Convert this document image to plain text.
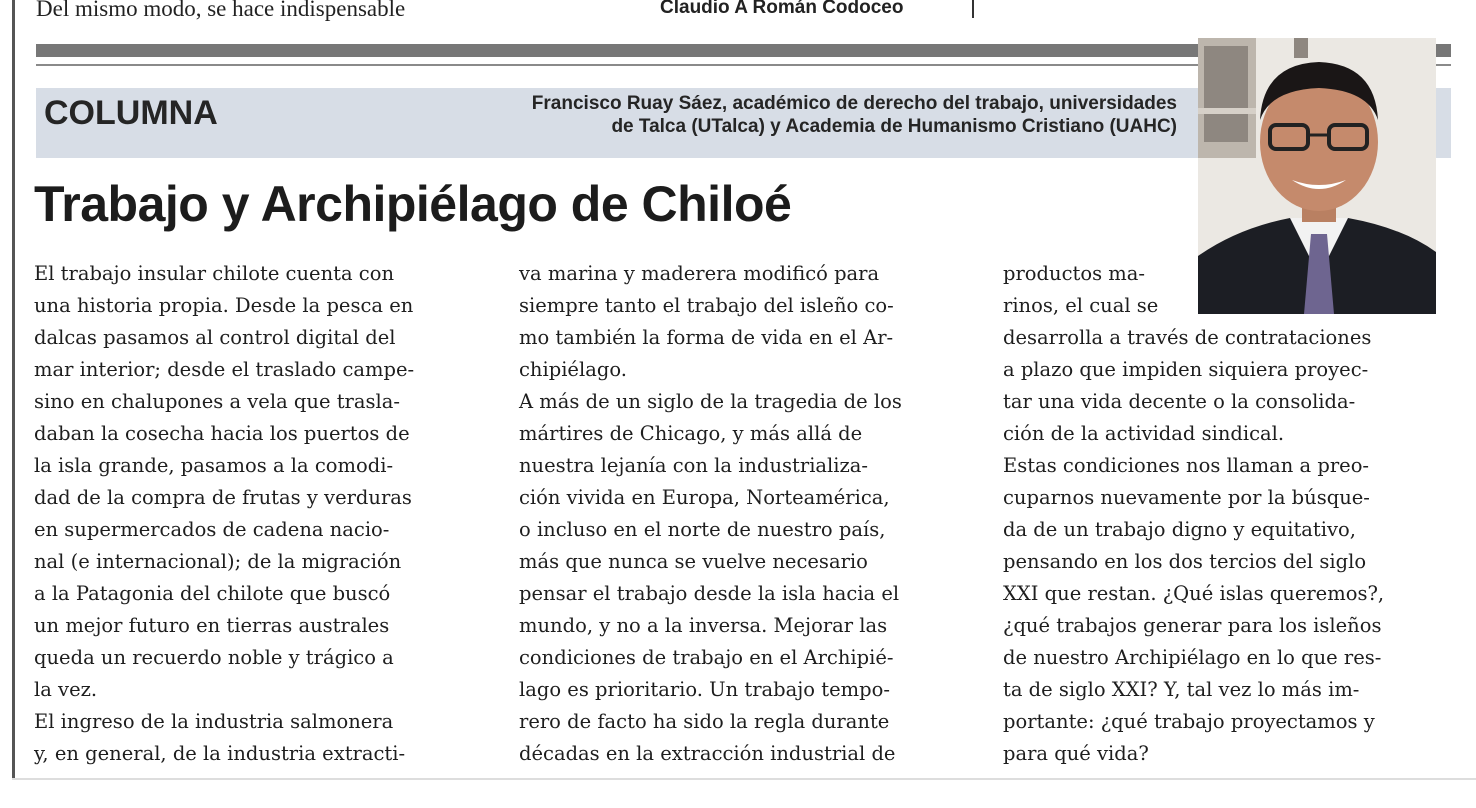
Del mismo modo, se hace indispensable	Claudio A Román Codoceo
COLUMNA	Francisco Ruay Sáez, académico de derecho del trabajo, universidades
de Talca (UTalca) y Academia de Humanismo Cristiano (UAHC)
Trabajo y Archipiélago de Chiloé
El trabajo insular chilote cuenta con
una historia propia. Desde la pesca en
dalcas pasamos al control digital del
mar interior; desde el traslado campe-
sino en chalupones a vela que trasla-
daban la cosecha hacia los puertos de
la isla grande, pasamos a la comodi-
dad de la compra de frutas y verduras
en supermercados de cadena nacio-
nal (e internacional); de la migración
a la Patagonia del chilote que buscó
un mejor futuro en tierras australes
queda un recuerdo noble y trágico a
la vez.
El ingreso de la industria salmonera
y, en general, de la industria extracti-
va marina y maderera modificó para
siempre tanto el trabajo del isleño co-
mo también la forma de vida en el Ar-
chipiélago.
A más de un siglo de la tragedia de los
mártires de Chicago, y más allá de
nuestra lejanía con la industrializa-
ción vivida en Europa, Norteamérica,
o incluso en el norte de nuestro país,
más que nunca se vuelve necesario
pensar el trabajo desde la isla hacia el
mundo, y no a la inversa. Mejorar las
condiciones de trabajo en el Archipié-
lago es prioritario. Un trabajo tempo-
rero de facto ha sido la regla durante
décadas en la extracción industrial de
productos ma-
rinos, el cual se
desarrolla a través de contrataciones
a plazo que impiden siquiera proyec-
tar una vida decente o la consolida-
ción de la actividad sindical.
Estas condiciones nos llaman a preo-
cuparnos nuevamente por la búsque-
da de un trabajo digno y equitativo,
pensando en los dos tercios del siglo
XXI que restan. ¿Qué islas queremos?,
¿qué trabajos generar para los isleños
de nuestro Archipiélago en lo que res-
ta de siglo XXI? Y, tal vez lo más im-
portante: ¿qué trabajo proyectamos y
para qué vida?
